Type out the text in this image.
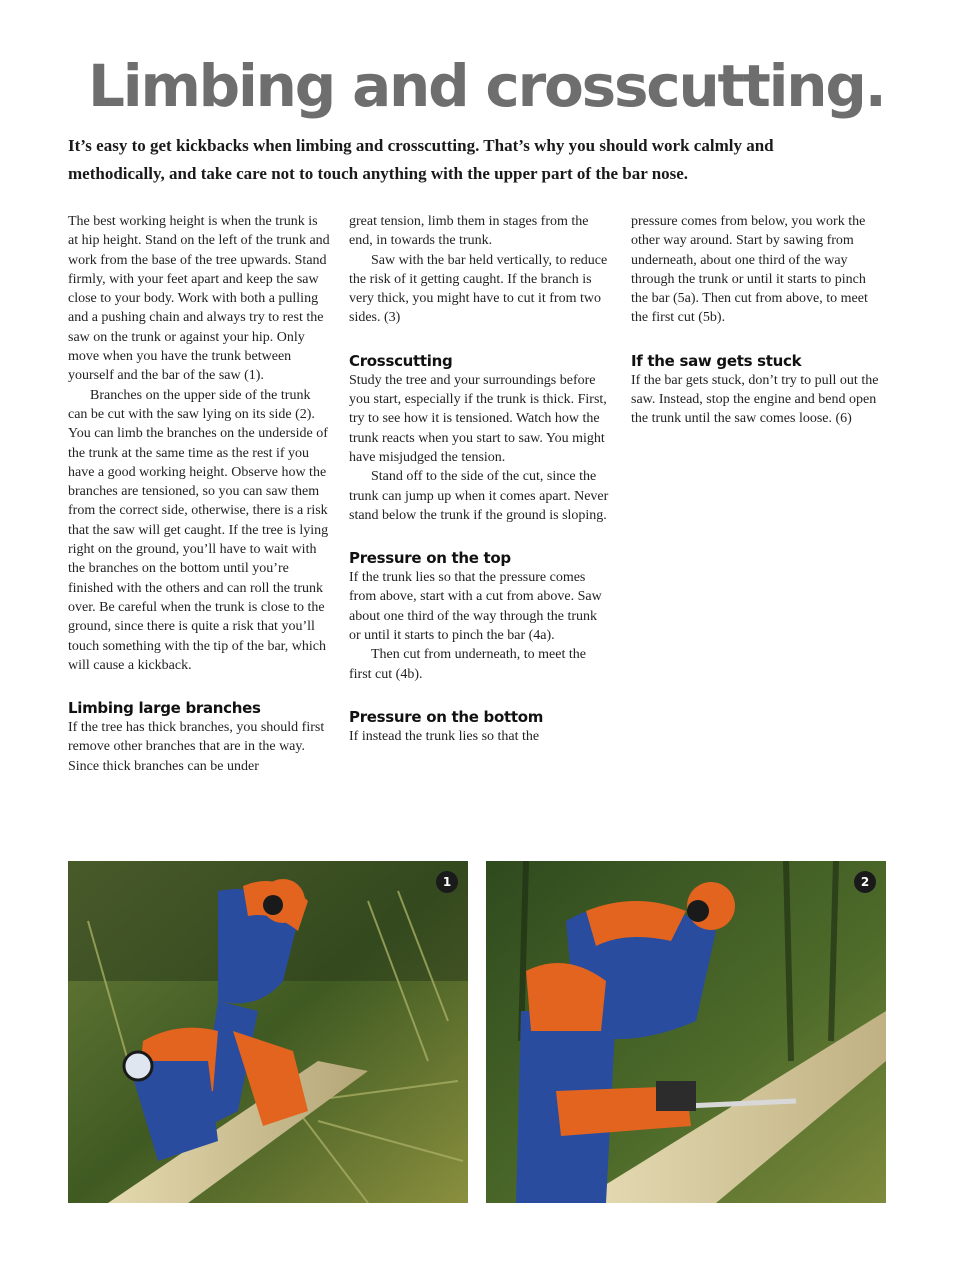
Limbing and crosscutting.

It’s easy to get kickbacks when limbing and crosscutting. That’s why you should work calmly and methodically, and take care not to touch anything with the upper part of the bar nose.

The best working height is when the trunk is at hip height. Stand on the left of the trunk and work from the base of the tree upwards. Stand firmly, with your feet apart and keep the saw close to your body. Work with both a pulling and a pushing chain and always try to rest the saw on the trunk or against your hip. Only move when you have the trunk between yourself and the bar of the saw (1).

Branches on the upper side of the trunk can be cut with the saw lying on its side (2). You can limb the branches on the underside of the trunk at the same time as the rest if you have a good working height. Observe how the branches are tensioned, so you can saw them from the correct side, otherwise, there is a risk that the saw will get caught. If the tree is lying right on the ground, you’ll have to wait with the branches on the bottom until you’re finished with the others and can roll the trunk over. Be careful when the trunk is close to the ground, since there is quite a risk that you’ll touch something with the tip of the bar, which will cause a kickback.

Limbing large branches

If the tree has thick branches, you should first remove other branches that are in the way. Since thick branches can be under

great tension, limb them in stages from the end, in towards the trunk.

Saw with the bar held vertically, to reduce the risk of it getting caught. If the branch is very thick, you might have to cut it from two sides. (3)

Crosscutting

Study the tree and your surroundings before you start, especially if the trunk is thick. First, try to see how it is tensioned. Watch how the trunk reacts when you start to saw. You might have misjudged the tension.

Stand off to the side of the cut, since the trunk can jump up when it comes apart. Never stand below the trunk if the ground is sloping.

Pressure on the top

If the trunk lies so that the pressure comes from above, start with a cut from above. Saw about one third of the way through the trunk or until it starts to pinch the bar (4a).

Then cut from underneath, to meet the first cut (4b).

Pressure on the bottom

If instead the trunk lies so that the

pressure comes from below, you work the other way around. Start by sawing from underneath, about one third of the way through the trunk or until it starts to pinch the bar (5a). Then cut from above, to meet the first cut (5b).

If the saw gets stuck

If the bar gets stuck, don’t try to pull out the saw. Instead, stop the engine and bend open the trunk until the saw comes loose. (6)

1	2
